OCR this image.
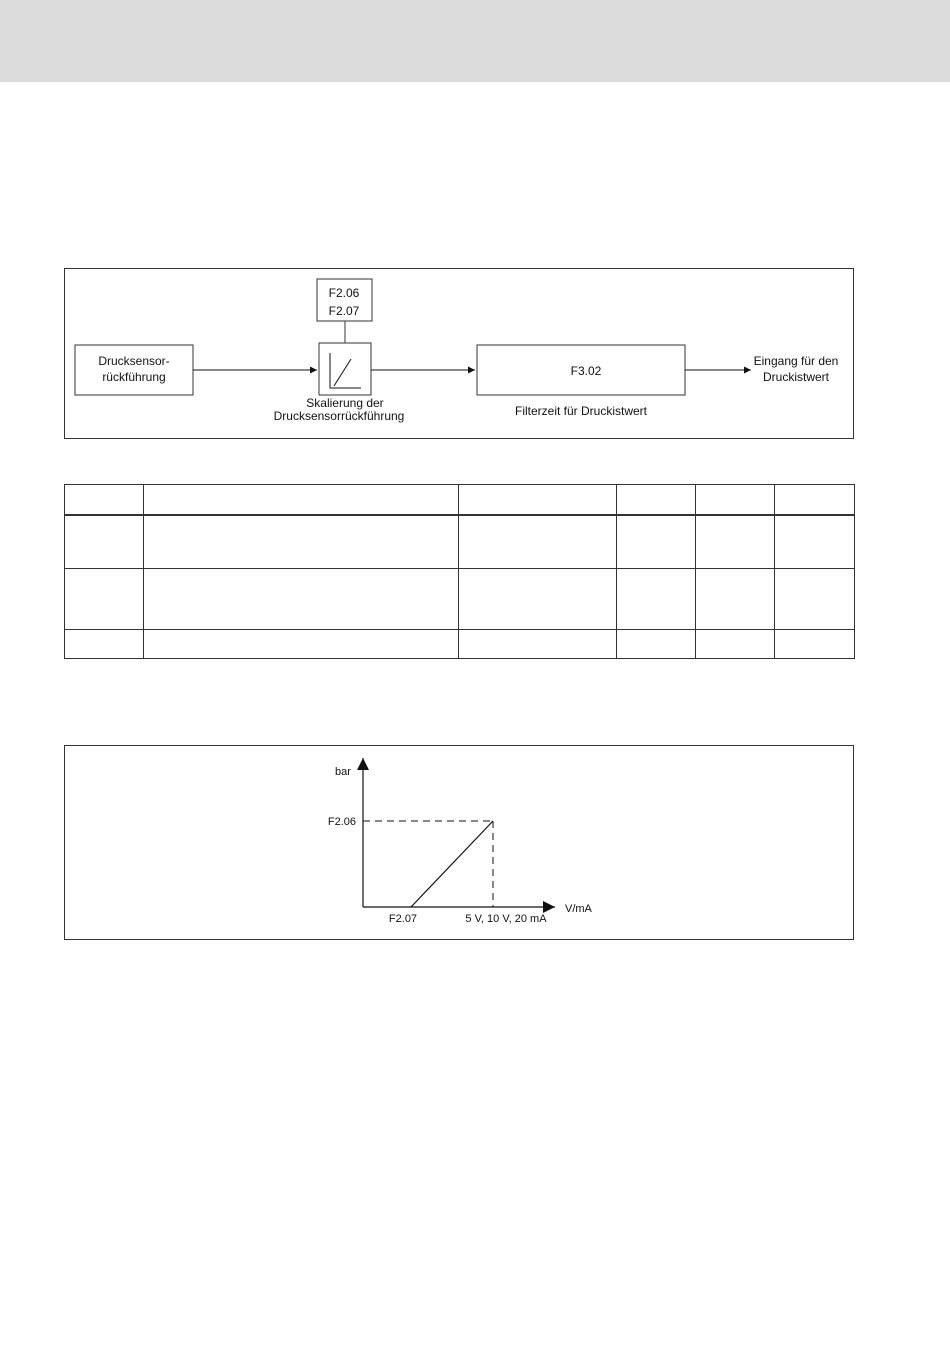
Drucksensor-
rückführung
F2.06
F2.07
Skalierung der
Drucksensorrückführung
F3.02
Filterzeit für Druckistwert
Eingang für den
Druckistwert

bar
F2.06
V/mA
F2.07	5 V, 10 V, 20 mA
